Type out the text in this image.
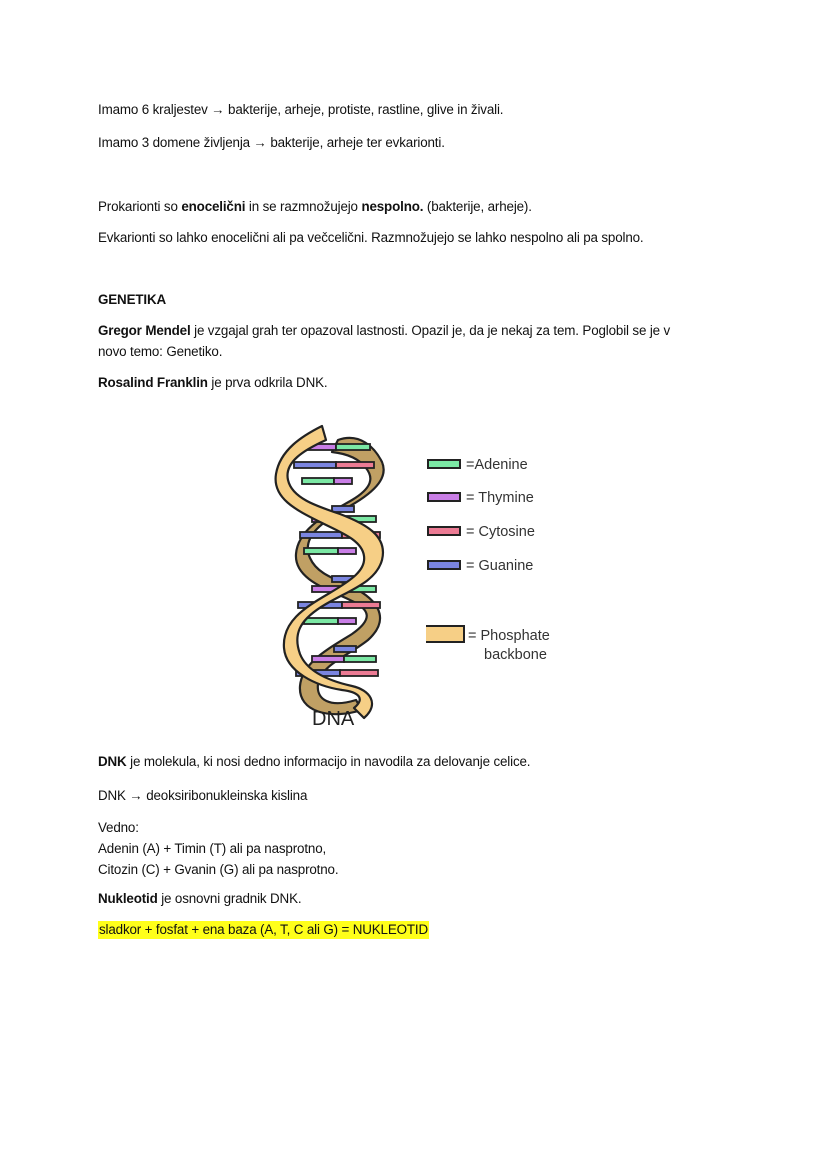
Imamo 6 kraljestev → bakterije, arheje, protiste, rastline, glive in živali.
Imamo 3 domene življenja → bakterije, arheje ter evkarionti.
Prokarionti so enocelični in se razmnožujejo nespolno. (bakterije, arheje).
Evkarionti so lahko enocelični ali pa večcelični. Razmnožujejo se lahko nespolno ali pa spolno.
GENETIKA
Gregor Mendel je vzgajal grah ter opazoval lastnosti. Opazil je, da je nekaj za tem. Poglobil se je v
novo temo: Genetiko.
Rosalind Franklin je prva odkrila DNK.
=Adenine
= Thymine
= Cytosine
= Guanine
= Phosphate
backbone
DNA
DNK je molekula, ki nosi dedno informacijo in navodila za delovanje celice.
DNK → deoksiribonukleinska kislina
Vedno:
Adenin (A) + Timin (T) ali pa nasprotno,
Citozin (C) + Gvanin (G) ali pa nasprotno.
Nukleotid je osnovni gradnik DNK.
sladkor + fosfat + ena baza (A, T, C ali G) = NUKLEOTID
